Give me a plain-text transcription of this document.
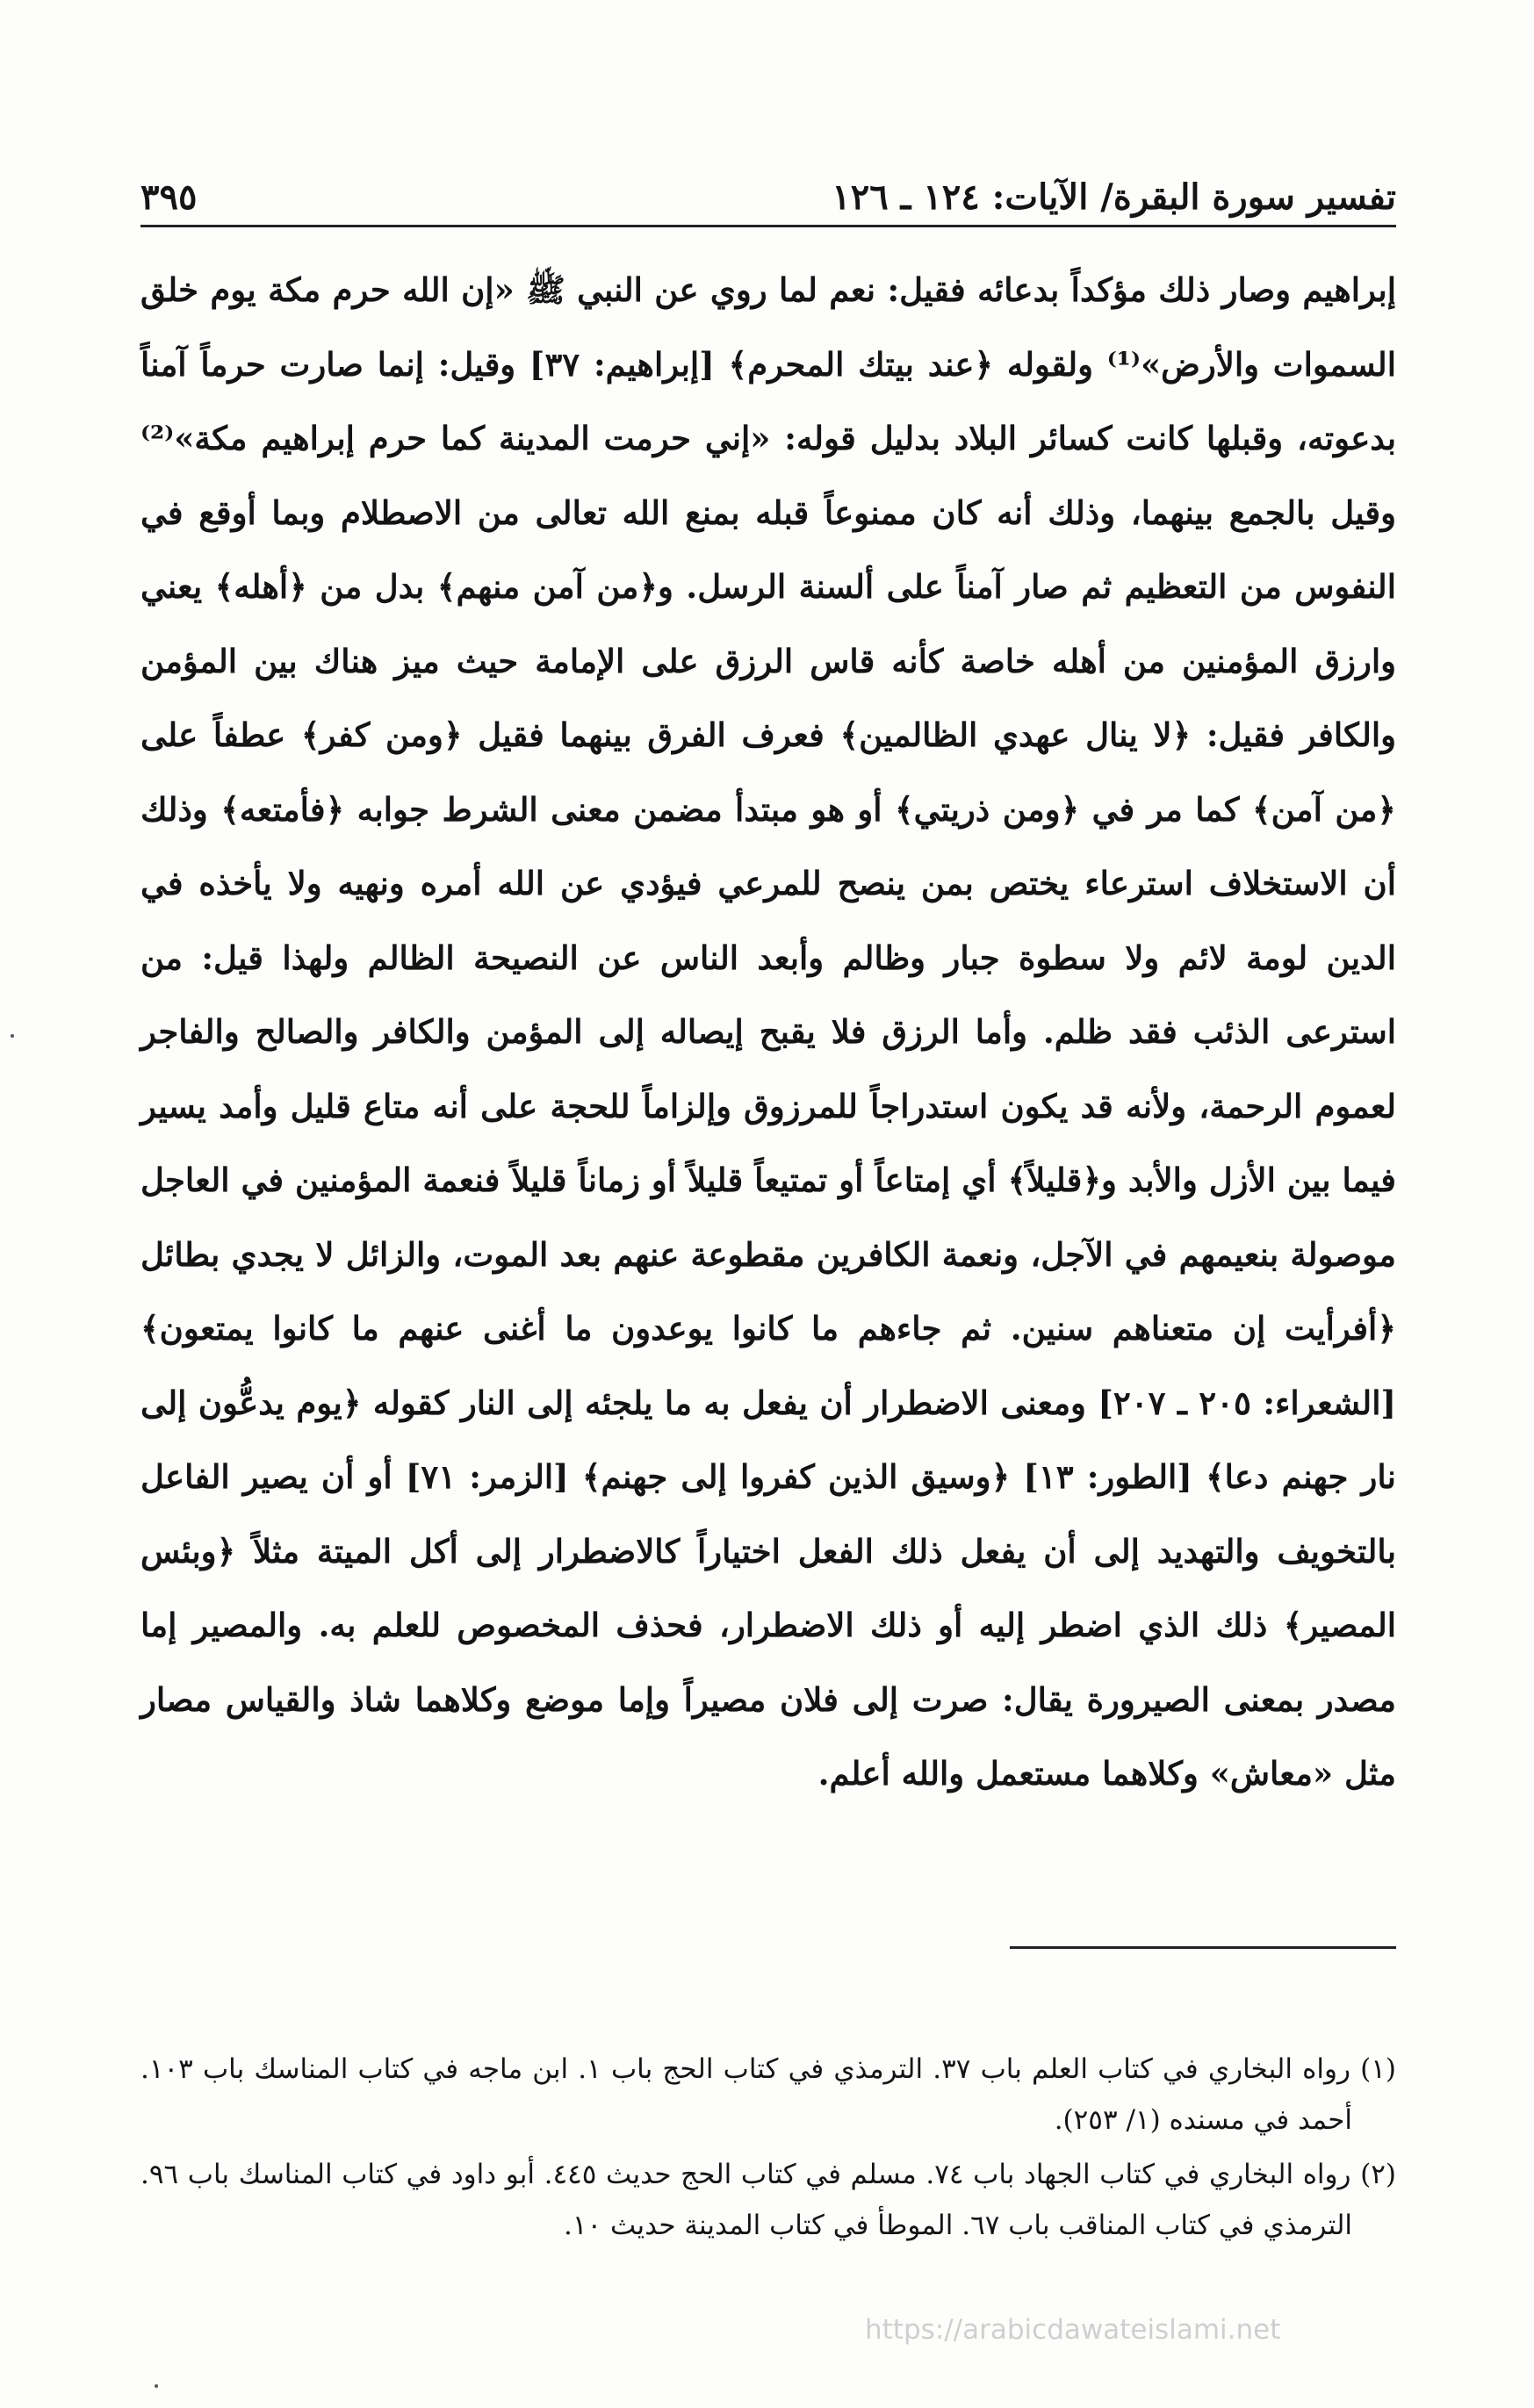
تفسير سورة البقرة/ الآيات: ١٢٤ ـ ١٢٦
٣٩٥

إبراهيم وصار ذلك مؤكداً بدعائه فقيل: نعم لما روي عن النبي ﷺ «إن الله حرم مكة يوم خلق السموات والأرض»⁽¹⁾ ولقوله ﴿عند بيتك المحرم﴾ [إبراهيم: ٣٧] وقيل: إنما صارت حرماً آمناً بدعوته، وقبلها كانت كسائر البلاد بدليل قوله: «إني حرمت المدينة كما حرم إبراهيم مكة»⁽²⁾ وقيل بالجمع بينهما، وذلك أنه كان ممنوعاً قبله بمنع الله تعالى من الاصطلام وبما أوقع في النفوس من التعظيم ثم صار آمناً على ألسنة الرسل. و﴿من آمن منهم﴾ بدل من ﴿أهله﴾ يعني وارزق المؤمنين من أهله خاصة كأنه قاس الرزق على الإمامة حيث ميز هناك بين المؤمن والكافر فقيل: ﴿لا ينال عهدي الظالمين﴾ فعرف الفرق بينهما فقيل ﴿ومن كفر﴾ عطفاً على ﴿من آمن﴾ كما مر في ﴿ومن ذريتي﴾ أو هو مبتدأ مضمن معنى الشرط جوابه ﴿فأمتعه﴾ وذلك أن الاستخلاف استرعاء يختص بمن ينصح للمرعي فيؤدي عن الله أمره ونهيه ولا يأخذه في الدين لومة لائم ولا سطوة جبار وظالم وأبعد الناس عن النصيحة الظالم ولهذا قيل: من استرعى الذئب فقد ظلم. وأما الرزق فلا يقبح إيصاله إلى المؤمن والكافر والصالح والفاجر لعموم الرحمة، ولأنه قد يكون استدراجاً للمرزوق وإلزاماً للحجة على أنه متاع قليل وأمد يسير فيما بين الأزل والأبد و﴿قليلاً﴾ أي إمتاعاً أو تمتيعاً قليلاً أو زماناً قليلاً فنعمة المؤمنين في العاجل موصولة بنعيمهم في الآجل، ونعمة الكافرين مقطوعة عنهم بعد الموت، والزائل لا يجدي بطائل ﴿أفرأيت إن متعناهم سنين. ثم جاءهم ما كانوا يوعدون ما أغنى عنهم ما كانوا يمتعون﴾ [الشعراء: ٢٠٥ ـ ٢٠٧] ومعنى الاضطرار أن يفعل به ما يلجئه إلى النار كقوله ﴿يوم يدعُّون إلى نار جهنم دعا﴾ [الطور: ١٣] ﴿وسيق الذين كفروا إلى جهنم﴾ [الزمر: ٧١] أو أن يصير الفاعل بالتخويف والتهديد إلى أن يفعل ذلك الفعل اختياراً كالاضطرار إلى أكل الميتة مثلاً ﴿وبئس المصير﴾ ذلك الذي اضطر إليه أو ذلك الاضطرار، فحذف المخصوص للعلم به. والمصير إما مصدر بمعنى الصيرورة يقال: صرت إلى فلان مصيراً وإما موضع وكلاهما شاذ والقياس مصار مثل «معاش» وكلاهما مستعمل والله أعلم.

(١) رواه البخاري في كتاب العلم باب ٣٧. الترمذي في كتاب الحج باب ١. ابن ماجه في كتاب المناسك باب ١٠٣. أحمد في مسنده (١/ ٢٥٣).

(٢) رواه البخاري في كتاب الجهاد باب ٧٤. مسلم في كتاب الحج حديث ٤٤٥. أبو داود في كتاب المناسك باب ٩٦. الترمذي في كتاب المناقب باب ٦٧. الموطأ في كتاب المدينة حديث ١٠.

https://arabicdawateislami.net
